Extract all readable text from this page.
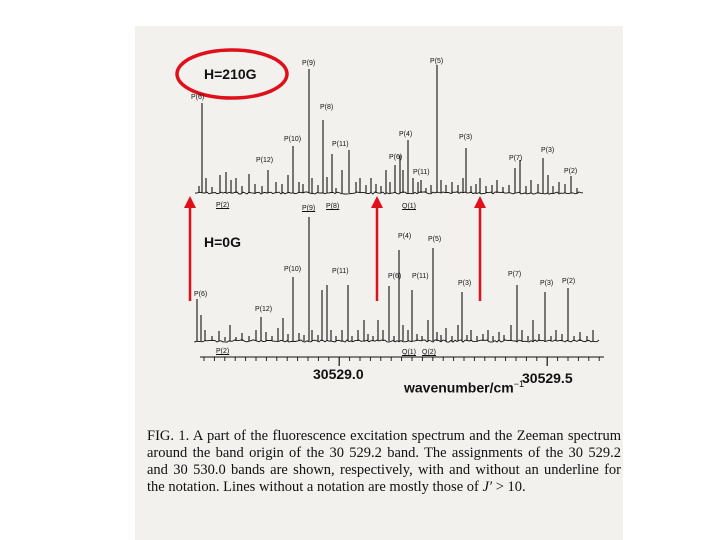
H=210G
H=0G
P(6)
P(9)	P(5)
P(8)
P(4)
P(10)
P(11)
P(3)
P(12)	P(6)	P(7)
P(3)
P(11)	P(2)
P(2)	P(9) P(8)	Q(1)
P(4) P(5)
P(10)	P(11)	P(7)
P(6) P(11)
P(3)	P(3) P(2)
P(6)
P(12)
P(2)	Q(1) Q(2)
30529.0	30529.5
wavenumber/$cm^{-1}$
FIG. 1. A part of the fluorescence excitation spectrum and the Zeeman spectrum around the band origin of the 30 529.2 band. The assignments of the 30 529.2 and 30 530.0 bands are shown, respectively, with and without an underline for the notation. Lines without a notation are mostly those of J′ > 10.
